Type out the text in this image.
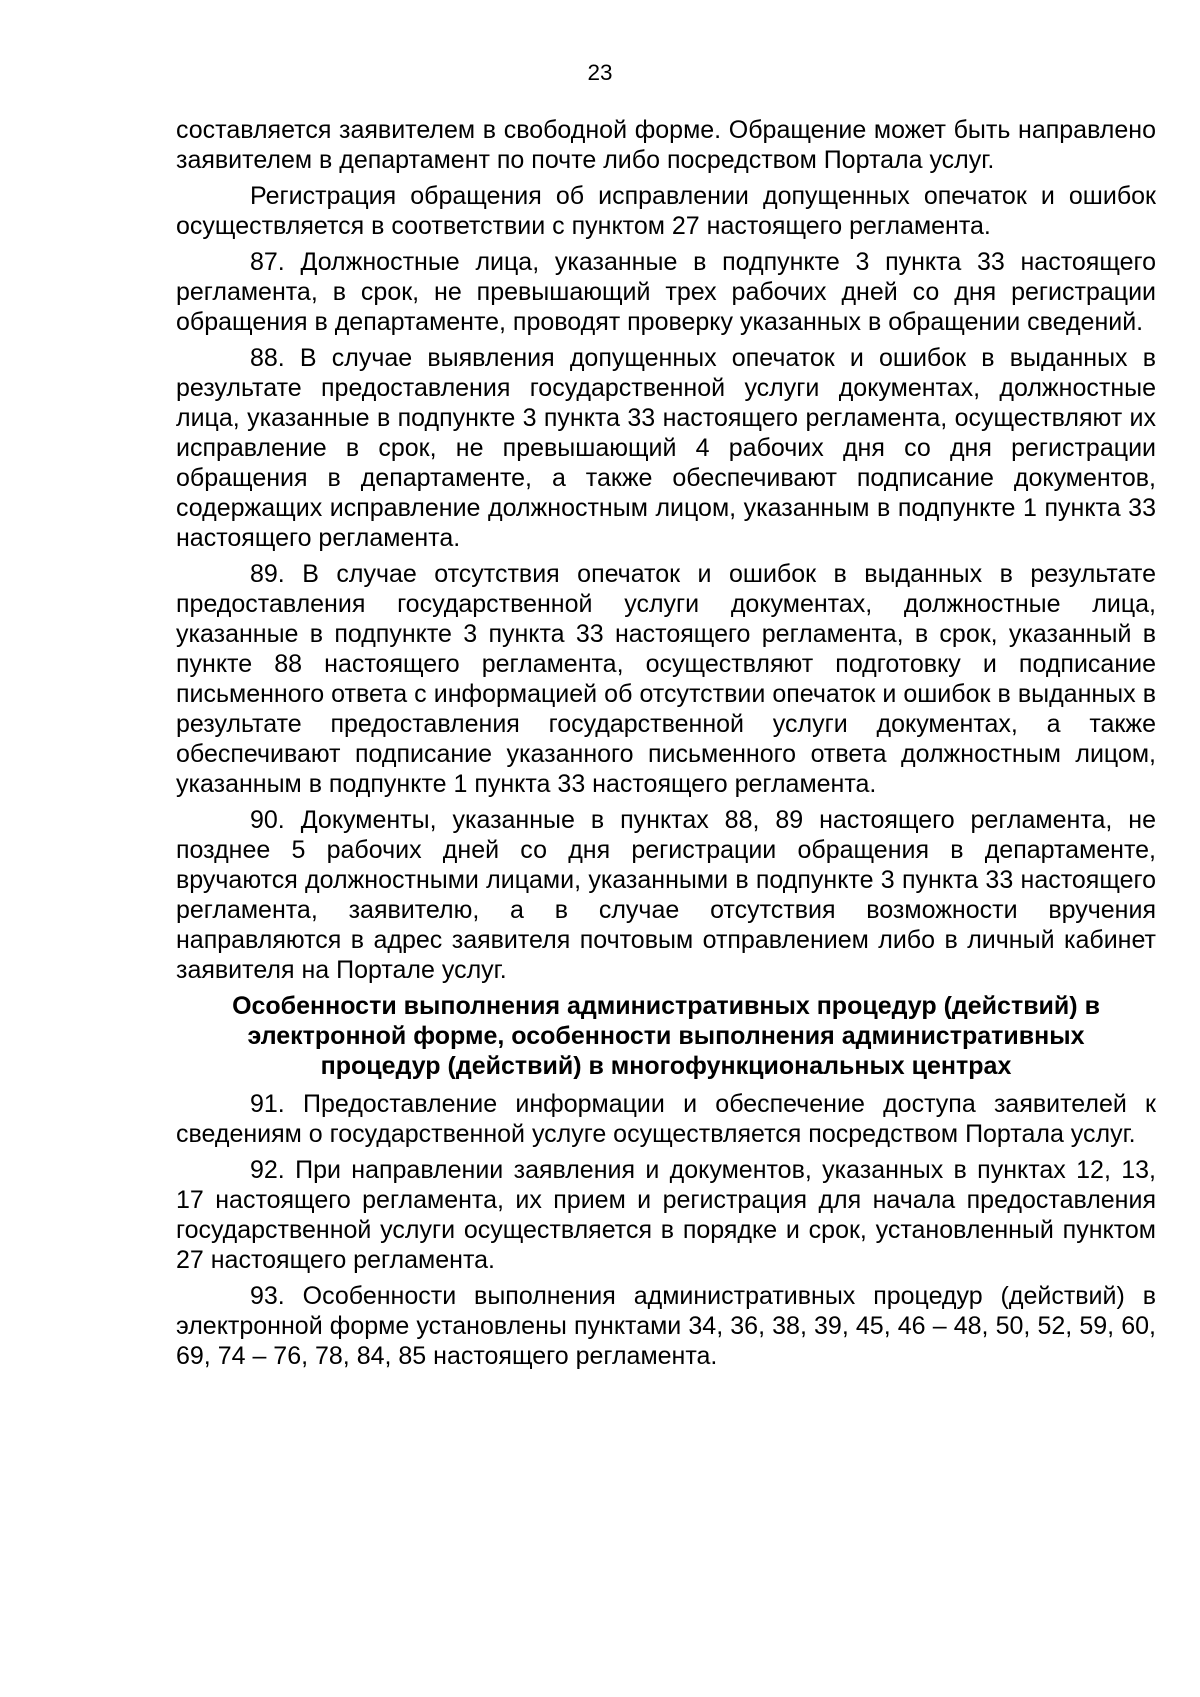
23

составляется заявителем в свободной форме. Обращение может быть направлено заявителем в департамент по почте либо посредством Портала услуг.

Регистрация обращения об исправлении допущенных опечаток и ошибок осуществляется в соответствии с пунктом 27 настоящего регламента.

87. Должностные лица, указанные в подпункте 3 пункта 33 настоящего регламента, в срок, не превышающий трех рабочих дней со дня регистрации обращения в департаменте, проводят проверку указанных в обращении сведений.

88. В случае выявления допущенных опечаток и ошибок в выданных в результате предоставления государственной услуги документах, должностные лица, указанные в подпункте 3 пункта 33 настоящего регламента, осуществляют их исправление в срок, не превышающий 4 рабочих дня со дня регистрации обращения в департаменте, а также обеспечивают подписание документов, содержащих исправление должностным лицом, указанным в подпункте 1 пункта 33 настоящего регламента.

89. В случае отсутствия опечаток и ошибок в выданных в результате предоставления государственной услуги документах, должностные лица, указанные в подпункте 3 пункта 33 настоящего регламента, в срок, указанный в пункте 88 настоящего регламента, осуществляют подготовку и подписание письменного ответа с информацией об отсутствии опечаток и ошибок в выданных в результате предоставления государственной услуги документах, а также обеспечивают подписание указанного письменного ответа должностным лицом, указанным в подпункте 1 пункта 33 настоящего регламента.

90. Документы, указанные в пунктах 88, 89 настоящего регламента, не позднее 5 рабочих дней со дня регистрации обращения в департаменте, вручаются должностными лицами, указанными в подпункте 3 пункта 33 настоящего регламента, заявителю, а в случае отсутствия возможности вручения направляются в адрес заявителя почтовым отправлением либо в личный кабинет заявителя на Портале услуг.

Особенности выполнения административных процедур (действий) в
электронной форме, особенности выполнения административных
процедур (действий) в многофункциональных центрах

91. Предоставление информации и обеспечение доступа заявителей к сведениям о государственной услуге осуществляется посредством Портала услуг.

92. При направлении заявления и документов, указанных в пунктах 12, 13, 17 настоящего регламента, их прием и регистрация для начала предоставления государственной услуги осуществляется в порядке и срок, установленный пунктом 27 настоящего регламента.

93. Особенности выполнения административных процедур (действий) в электронной форме установлены пунктами 34, 36, 38, 39, 45, 46 – 48, 50, 52, 59, 60, 69, 74 – 76, 78, 84, 85 настоящего регламента.
